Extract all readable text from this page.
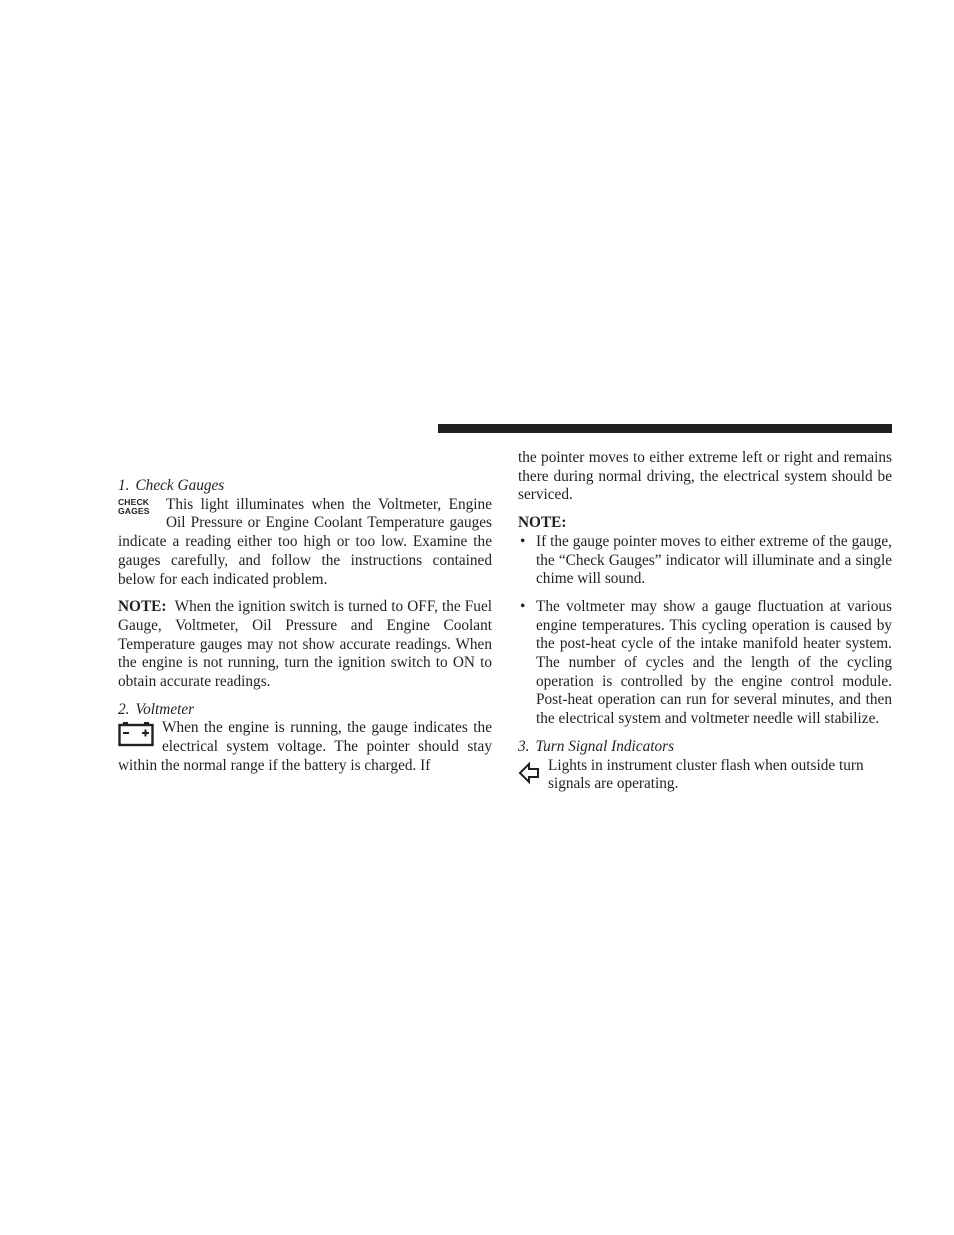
1. Check Gauges
CHECK
GAGES	This light illuminates when the Voltmeter, Engine Oil Pressure or Engine Coolant Temperature gauges indicate a reading either too high or too low. Examine the gauges carefully, and follow the instructions contained below for each indicated problem.

NOTE: When the ignition switch is turned to OFF, the Fuel Gauge, Voltmeter, Oil Pressure and Engine Coolant Temperature gauges may not show accurate readings. When the engine is not running, turn the ignition switch to ON to obtain accurate readings.

2. Voltmeter

When the engine is running, the gauge indicates the electrical system voltage. The pointer should stay within the normal range if the battery is charged. If

the pointer moves to either extreme left or right and remains there during normal driving, the electrical system should be serviced.

NOTE:

• If the gauge pointer moves to either extreme of the gauge, the “Check Gauges” indicator will illuminate and a single chime will sound.
• The voltmeter may show a gauge fluctuation at various engine temperatures. This cycling operation is caused by the post-heat cycle of the intake manifold heater system. The number of cycles and the length of the cycling operation is controlled by the engine control module. Post-heat operation can run for several minutes, and then the electrical system and voltmeter needle will stabilize.
3. Turn Signal Indicators

Lights in instrument cluster flash when outside turn signals are operating.
